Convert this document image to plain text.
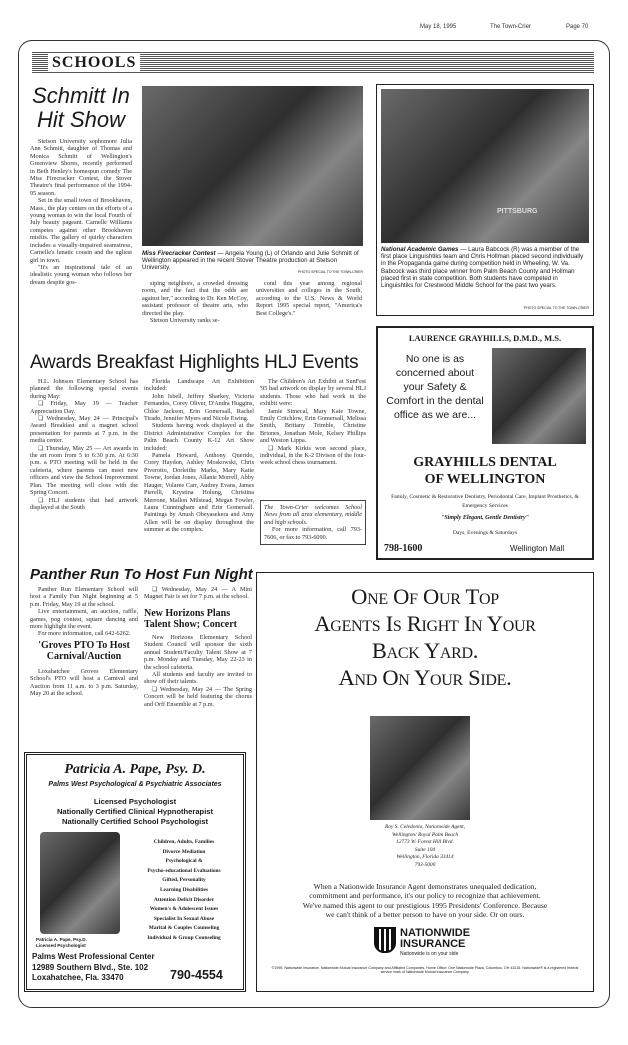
May 18, 1995	The Town-Crier	Page 70
SCHOOLS
Schmitt In Hit Show

Stetson University sophomore Julia Ann Schmitt, daughter of Thomas and Monica Schmitt of Wellington's Greenview Shores, recently performed in Beth Henley's homespun comedy The Miss Firecracker Contest, the Stover Theatre's final performance of the 1994-95 season.

Set in the small town of Brookhaven, Mass., the play centers on the efforts of a young woman to win the local Fourth of July beauty pageant. Carnelle Williams competes against other Brookhaven misfits. The gallery of quirky characters includes a visually-impaired seamstress, Carnelle's lunatic cousin and the ugliest girl in town.

"It's an inspirational tale of an idealistic young woman who follows her dream despite gos-

Miss Firecracker Contest — Angela Young (L) of Orlando and Julie Schmitt of Wellington appeared in the recent Stover Theatre production at Stetson University.
PHOTO SPECIAL TO THE TOWN-CRIER

siping neighbors, a crowded dressing room, and the fact that the odds are against her," according to Dr. Ken McCoy, assistant professor of theatre arts, who directed the play.

Stetson University ranks se-

cond this year among regional universities and colleges in the South, according to the U.S. News & World Report 1995 special report, "America's Best College's."

PITTSBURG
National Academic Games — Laura Babcock (R) was a member of the first place Linguishtiks team and Chris Hollman placed second individually in the Propaganda game during competition held in Wheeling, W. Va. Babcock was third place winner from Palm Beach County and Hollman placed first in state competition. Both students have competed in Linguishtiks for Crestwood Middle School for the past two years.
PHOTO SPECIAL TO THE TOWN-CRIER
Awards Breakfast Highlights HLJ Events

H.L. Johnson Elementary School has planned the following special events during May:

❑ Friday, May 19 — Teacher Appreciation Day.

❑ Wednesday, May 24 — Principal's Award Breakfast and a magnet school presentation for parents at 7 p.m. in the media center.

❑ Thursday, May 25 — Art awards in the art room from 5 to 6:30 p.m. At 6:30 p.m. a PTO meeting will be held in the cafeteria, where parents can meet new officers and view the School Improvement Plan. The meeting will close with the Spring Concert.

❑ HLJ students that had artwork displayed at the South

Florida Landscape Art Exhibition included:

John Isbell, Jeffrey Sharkey, Victoria Fernandes, Corey Oliver, D'Andra Huggins, Chloe Jackson, Erin Gomersall, Rachel Tirado, Jennifer Myers and Nicole Ewing.

Students having work displayed at the District Administrative Complex for the Palm Beach County K-12 Art Show included:

Pamela Howard, Anthony Querido, Corey Haydon, Ashley Moskowski, Chris Piverotto, Dorleithe Marks, Mary Katie Towne, Jordan Jones, Allanie Morrell, Abby Hauger, Volaree Carr, Audrey Evans, James Pierelli, Krystina Holung, Christina Merrone, Mallon Milstead, Megan Fowler, Laura Cunningham and Erin Gomersall. Paintings by Anush Obeyasekera and Amy Allen will be on display throughout the summer at the complex.

The Children's Art Exhibit at SunFest '95 had artwork on display by several HLJ students. Those who had work in the exhibit were:

Jamie Simecal, Mary Kate Towne, Emily Critchlow, Erin Gomersall, Melissa Smith, Brittany Trimble, Christine Briones, Jonathan Mole, Kelsey Phillips and Weston Lippa.

❑ Mark Kirkis won second place, individual, in the K-2 Divison of the four-week school chess tournament.

The Town-Crier welcomes School News from all area elementary, middle and high schools.

For more information, call 793-7606, or fax to 793-6090.

LAURENCE GRAYHILLS, D.M.D., M.S.
No one is as
concerned about
your Safety &
Comfort in the dental
office as we are...
GRAYHILLS DENTAL
OF WELLINGTON
Family, Cosmetic & Restorative Dentistry, Periodontal Care, Implant Prosthetics, & Emergency Services
"Simply Elegant, Gentle Dentistry"
Days, Evenings & Saturdays
798-1600	Wellington Mall
Panther Run To Host Fun Night

Panther Run Elementary School will host a Family Fun Night beginning at 5 p.m. Friday, May 19 at the school.

Live entertainment, an auction, raffle, games, pog contest, square dancing and more highlight the event.

For more information, call 642-6262.

'Groves PTO To Host Carnival/Auction

Loxahatchee Groves Elementary School's PTO will host a Carnival and Auction from 11 a.m. to 3 p.m. Saturday, May 20 at the school.

❑ Wednesday, May 24 — A Mini Magnet Fair is set for 7 p.m. at the school.

New Horizons Plans Talent Show; Concert

New Horizons Elementary School Student Council will sponsor the sixth annual Student/Faculty Talent Show at 7 p.m. Monday and Tuesday, May 22-23 in the school cafeteria.

All students and faculty are invited to show off their talents.

❑ Wednesday, May 24 — The Spring Concert will be held featuring the chorus and Orff Ensemble at 7 p.m.

One Of Our Top
Agents Is Right In Your
Back Yard.
And On Your Side.
Roy S. Celedonia, Nationwide Agent,
Wellington/ Royal Palm Beach
12773 W. Forest Hill Blvd.
Suite 104
Wellington, Florida 33414
793-5000
When a Nationwide Insurance Agent demonstrates unequaled dedication, commitment and performance, it's our policy to recognize that achievement. We've named this agent to our prestigious 1995 Presidents' Conference. Because we can't think of a better person to have on your side. Or on ours.
NATIONWIDE
INSURANCE
Nationwide is on your side
©1995, Nationwide Insurance. Nationwide Mutual Insurance Company and Affiliated Companies. Home Office: One Nationwide Plaza, Columbus, OH 43215. Nationwide® is a registered federal service mark of Nationwide Mutual Insurance Company.
Patricia A. Pape, Psy. D.
Palms West Psychological & Psychiatric Associates
Licensed Psychologist
Nationally Certified Clinical Hypnotherapist
Nationally Certified School Psychologist
Patricia A. Pape, Psy.D.
Licensed Psychologist
Children, Adults, Families
Divorce Mediation
Psychological &
Psycho-educational Evaluations
Gifted, Personality
Learning Disabilities
Attention Deficit Disorder
Women's & Adolescent Issues
Specialist In Sexual Abuse
Marital & Couples Counseling
Individual & Group Counseling
Palms West Professional Center
12989 Southern Blvd., Ste. 102
Loxahatchee, Fla. 33470	790-4554
